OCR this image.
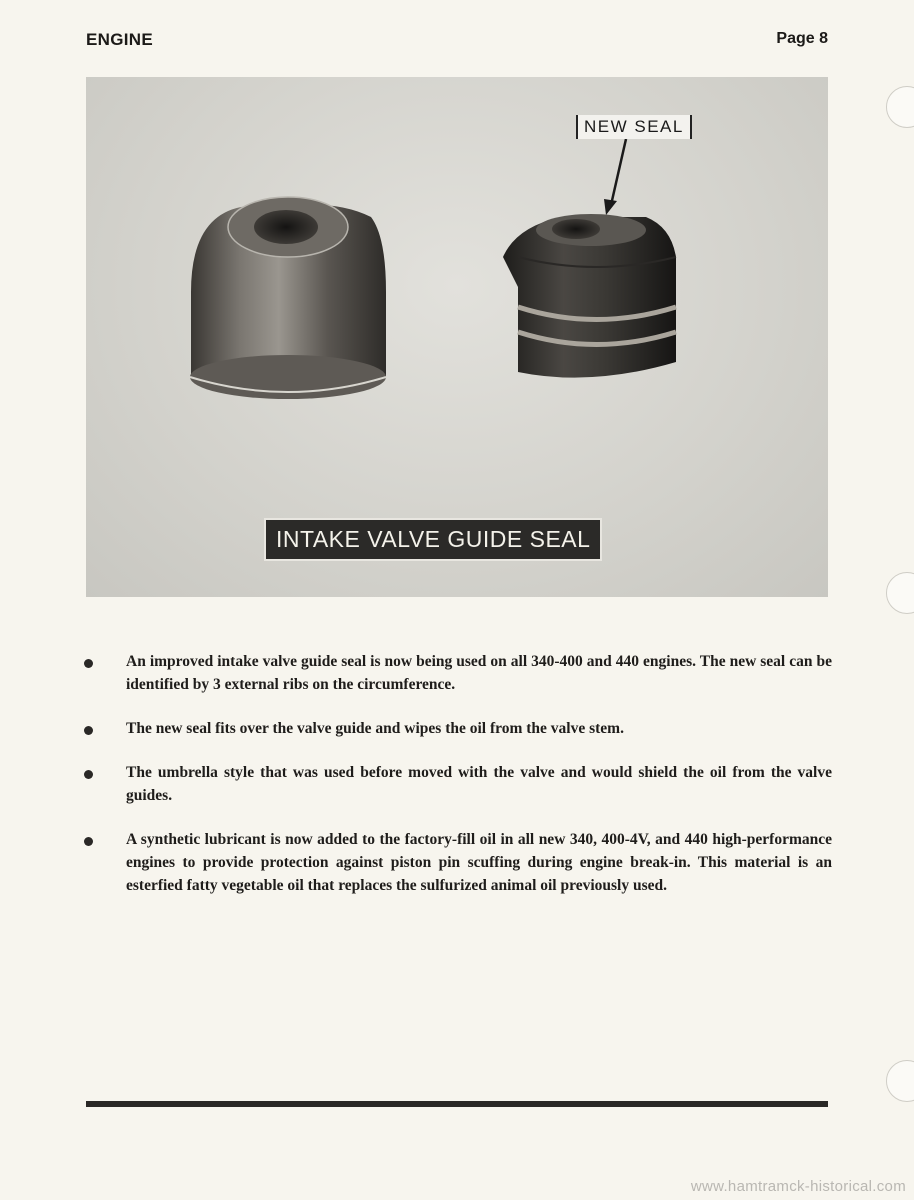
ENGINE	Page 8
NEW SEAL
INTAKE VALVE GUIDE SEAL
An improved intake valve guide seal is now being used on all 340-400 and 440 engines. The new seal can be identified by 3 external ribs on the circumference.
The new seal fits over the valve guide and wipes the oil from the valve stem.
The umbrella style that was used before moved with the valve and would shield the oil from the valve guides.
A synthetic lubricant is now added to the factory-fill oil in all new 340, 400-4V, and 440 high-performance engines to provide protection against piston pin scuffing during engine break-in. This material is an esterfied fatty vegetable oil that replaces the sulfurized animal oil previously used.
www.hamtramck-historical.com
